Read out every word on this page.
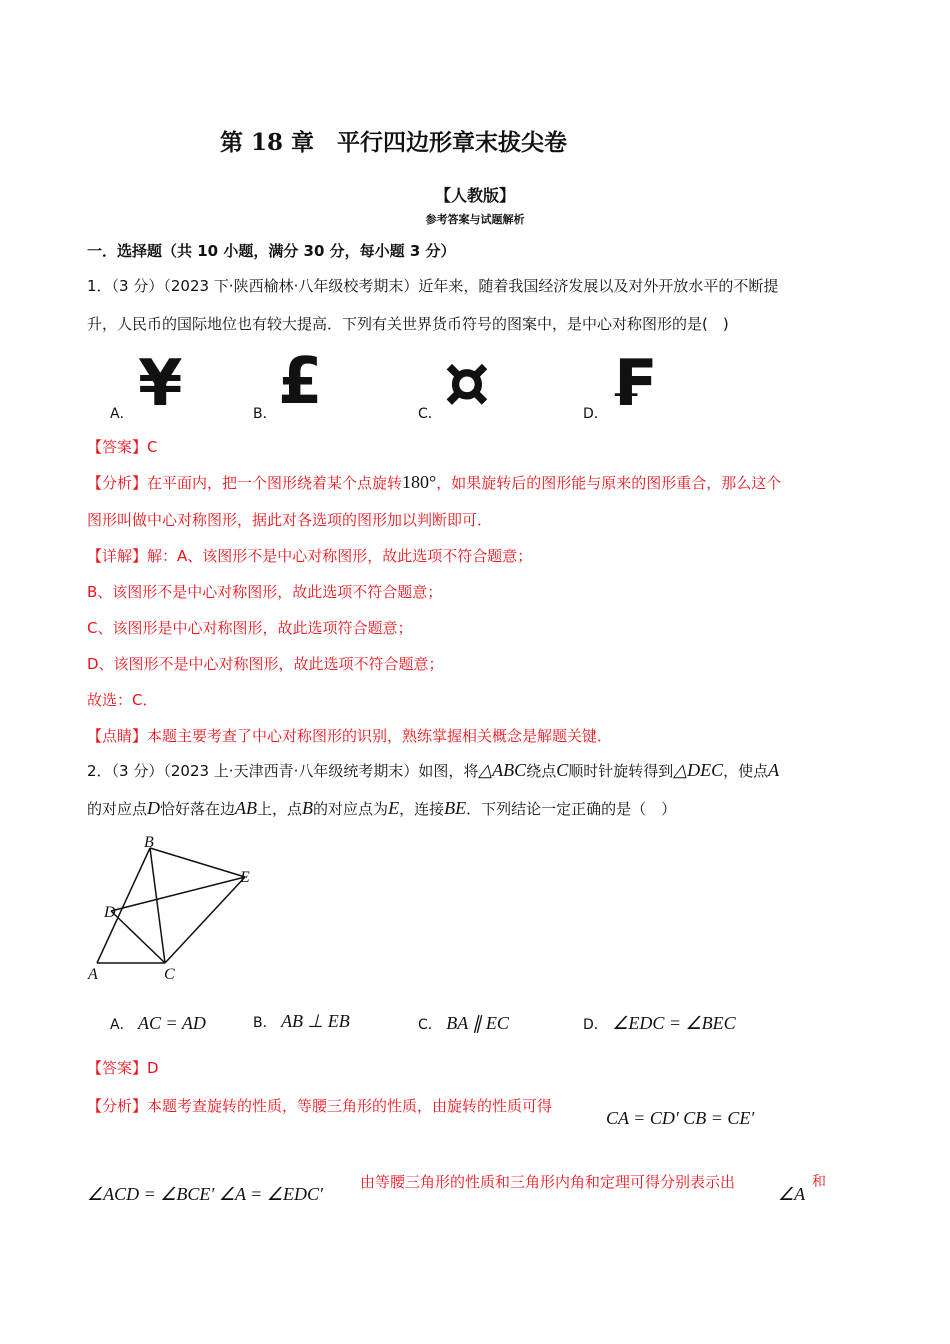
第 18 章　平行四边形章末拔尖卷
【人教版】
参考答案与试题解析
一．选择题（共 10 小题，满分 30 分，每小题 3 分）
1．（3 分）（2023 下·陕西榆林·八年级校考期末）近年来，随着我国经济发展以及对外开放水平的不断提
升，人民币的国际地位也有较大提高．下列有关世界货币符号的图案中，是中心对称图形的是(　)
A． ¥	B． £	C． ¤	D． ₣
【答案】C
【分析】在平面内，把一个图形绕着某个点旋转180°，如果旋转后的图形能与原来的图形重合，那么这个
图形叫做中心对称图形，据此对各选项的图形加以判断即可．
【详解】解：A、该图形不是中心对称图形，故此选项不符合题意；
B、该图形不是中心对称图形，故此选项不符合题意；
C、该图形是中心对称图形，故此选项符合题意；
D、该图形不是中心对称图形，故此选项不符合题意；
故选：C．
【点睛】本题主要考查了中心对称图形的识别，熟练掌握相关概念是解题关键．
2．（3 分）（2023 上·天津西青·八年级统考期末）如图，将△ABC绕点C顺时针旋转得到△DEC，使点A
的对应点D恰好落在边AB上，点B的对应点为E，连接BE．下列结论一定正确的是（　）
B
E
D
A	C
A． AC = AD	B． AB ⊥ EB	C． BA ∥ EC	D． ∠EDC = ∠BEC
【答案】D
【分析】本题考查旋转的性质，等腰三角形的性质，由旋转的性质可得
CA = CD′ CB = CE′
∠ACD = ∠BCE′ ∠A = ∠EDC′
由等腰三角形的性质和三角形内角和定理可得分别表示出
∠A
和
